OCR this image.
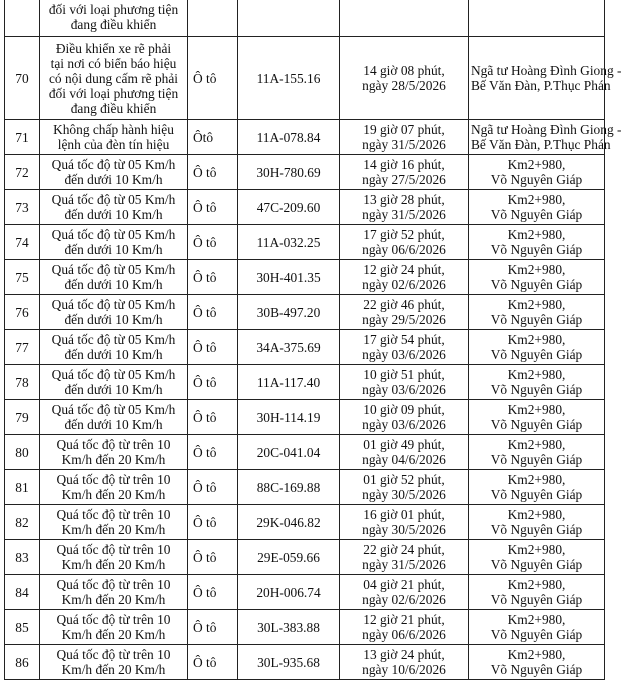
	đối với loại phương tiện
đang điều khiển				

70	Điều khiển xe rẽ phải
tại nơi có biển báo hiệu
có nội dung cấm rẽ phải
đối với loại phương tiện
đang điều khiển	Ô tô	11A-155.16	14 giờ 08 phút,
ngày 28/5/2026	Ngã tư Hoàng Đình Giong -
Bế Văn Đàn, P.Thục Phán

71	Không chấp hành hiệu
lệnh của đèn tín hiệu	Ôtô	11A-078.84	19 giờ 07 phút,
ngày 31/5/2026	Ngã tư Hoàng Đình Giong -
Bế Văn Đàn, P.Thục Phán

72	Quá tốc độ từ 05 Km/h
đến dưới 10 Km/h	Ô tô	30H-780.69	14 giờ 16 phút,
ngày 27/5/2026	Km2+980,
Võ Nguyên Giáp

73	Quá tốc độ từ 05 Km/h
đến dưới 10 Km/h	Ô tô	47C-209.60	13 giờ 28 phút,
ngày 31/5/2026	Km2+980,
Võ Nguyên Giáp

74	Quá tốc độ từ 05 Km/h
đến dưới 10 Km/h	Ô tô	11A-032.25	17 giờ 52 phút,
ngày 06/6/2026	Km2+980,
Võ Nguyên Giáp

75	Quá tốc độ từ 05 Km/h
đến dưới 10 Km/h	Ô tô	30H-401.35	12 giờ 24 phút,
ngày 02/6/2026	Km2+980,
Võ Nguyên Giáp

76	Quá tốc độ từ 05 Km/h
đến dưới 10 Km/h	Ô tô	30B-497.20	22 giờ 46 phút,
ngày 29/5/2026	Km2+980,
Võ Nguyên Giáp

77	Quá tốc độ từ 05 Km/h
đến dưới 10 Km/h	Ô tô	34A-375.69	17 giờ 54 phút,
ngày 03/6/2026	Km2+980,
Võ Nguyên Giáp

78	Quá tốc độ từ 05 Km/h
đến dưới 10 Km/h	Ô tô	11A-117.40	10 giờ 51 phút,
ngày 03/6/2026	Km2+980,
Võ Nguyên Giáp

79	Quá tốc độ từ 05 Km/h
đến dưới 10 Km/h	Ô tô	30H-114.19	10 giờ 09 phút,
ngày 03/6/2026	Km2+980,
Võ Nguyên Giáp

80	Quá tốc độ từ trên 10
Km/h đến 20 Km/h	Ô tô	20C-041.04	01 giờ 49 phút,
ngày 04/6/2026	Km2+980,
Võ Nguyên Giáp

81	Quá tốc độ từ trên 10
Km/h đến 20 Km/h	Ô tô	88C-169.88	01 giờ 52 phút,
ngày 30/5/2026	Km2+980,
Võ Nguyên Giáp

82	Quá tốc độ từ trên 10
Km/h đến 20 Km/h	Ô tô	29K-046.82	16 giờ 01 phút,
ngày 30/5/2026	Km2+980,
Võ Nguyên Giáp

83	Quá tốc độ từ trên 10
Km/h đến 20 Km/h	Ô tô	29E-059.66	22 giờ 24 phút,
ngày 31/5/2026	Km2+980,
Võ Nguyên Giáp

84	Quá tốc độ từ trên 10
Km/h đến 20 Km/h	Ô tô	20H-006.74	04 giờ 21 phút,
ngày 02/6/2026	Km2+980,
Võ Nguyên Giáp

85	Quá tốc độ từ trên 10
Km/h đến 20 Km/h	Ô tô	30L-383.88	12 giờ 21 phút,
ngày 06/6/2026	Km2+980,
Võ Nguyên Giáp

86	Quá tốc độ từ trên 10
Km/h đến 20 Km/h	Ô tô	30L-935.68	13 giờ 24 phút,
ngày 10/6/2026	Km2+980,
Võ Nguyên Giáp
